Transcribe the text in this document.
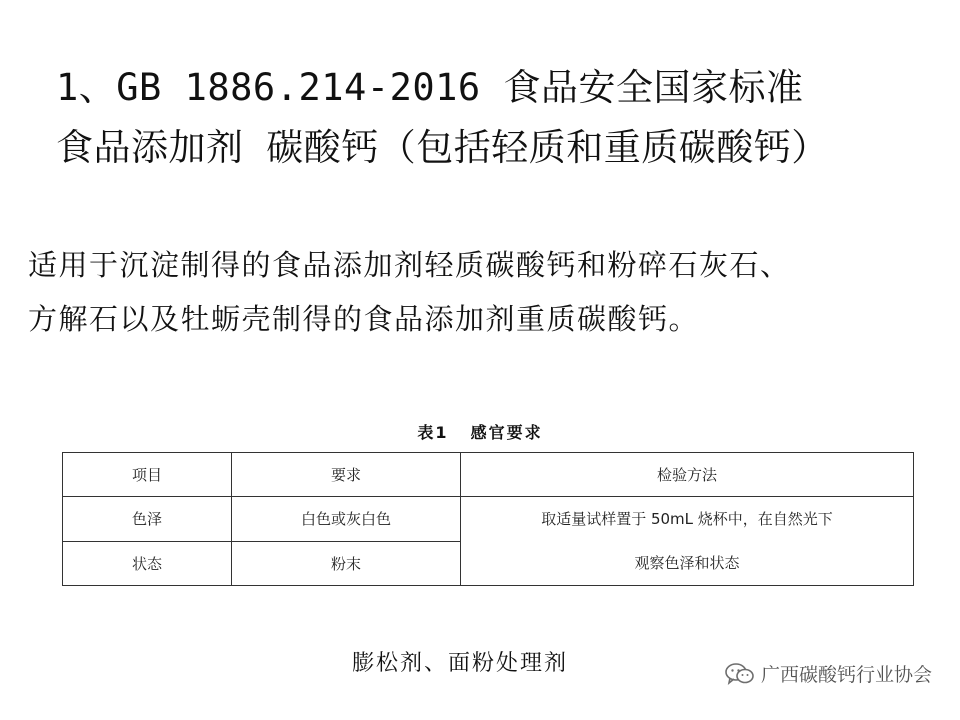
1、GB 1886.214-2016 食品安全国家标准
食品添加剂 碳酸钙（包括轻质和重质碳酸钙）
适用于沉淀制得的食品添加剂轻质碳酸钙和粉碎石灰石、
方解石以及牡蛎壳制得的食品添加剂重质碳酸钙。
表1 感官要求
项目	要求	检验方法
色泽	白色或灰白色	取适量试样置于 50mL 烧杯中，在自然光下
观察色泽和状态

状态	粉末	
膨松剂、面粉处理剂	广西碳酸钙行业协会
